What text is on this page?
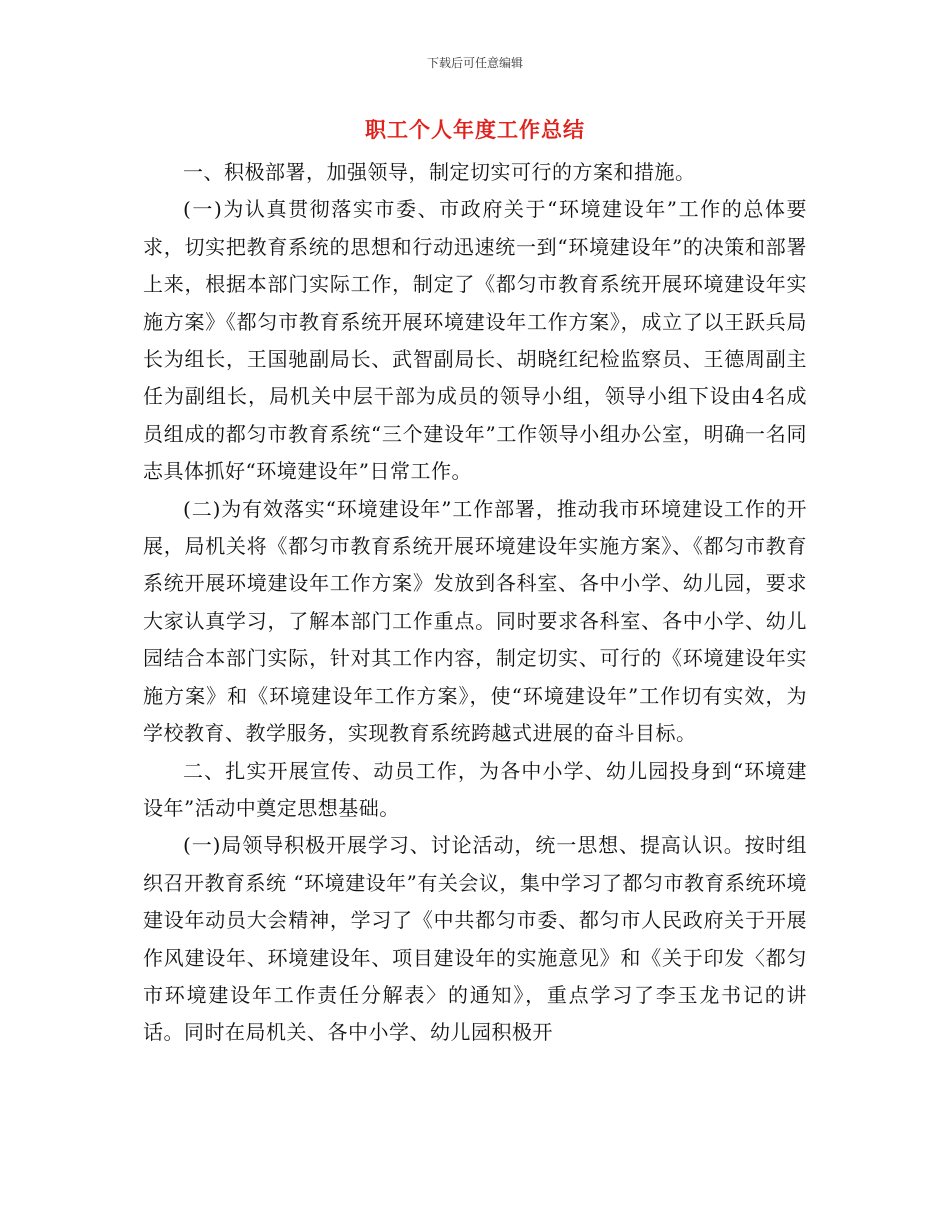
下载后可任意编辑
职工个人年度工作总结

一、积极部署，加强领导，制定切实可行的方案和措施。

(一)为认真贯彻落实市委、市政府关于“环境建设年”工作的总体要求，切实把教育系统的思想和行动迅速统一到“环境建设年”的决策和部署上来，根据本部门实际工作，制定了《都匀市教育系统开展环境建设年实施方案》《都匀市教育系统开展环境建设年工作方案》，成立了以王跃兵局长为组长，王国驰副局长、武智副局长、胡晓红纪检监察员、王德周副主任为副组长，局机关中层干部为成员的领导小组，领导小组下设由4名成员组成的都匀市教育系统“三个建设年”工作领导小组办公室，明确一名同志具体抓好“环境建设年”日常工作。

(二)为有效落实“环境建设年”工作部署，推动我市环境建设工作的开展，局机关将《都匀市教育系统开展环境建设年实施方案》、《都匀市教育系统开展环境建设年工作方案》发放到各科室、各中小学、幼儿园，要求大家认真学习，了解本部门工作重点。同时要求各科室、各中小学、幼儿园结合本部门实际，针对其工作内容，制定切实、可行的《环境建设年实施方案》和《环境建设年工作方案》，使“环境建设年”工作切有实效，为学校教育、教学服务，实现教育系统跨越式进展的奋斗目标。

二、扎实开展宣传、动员工作，为各中小学、幼儿园投身到“环境建设年”活动中奠定思想基础。

(一)局领导积极开展学习、讨论活动，统一思想、提高认识。按时组织召开教育系统 “环境建设年”有关会议，集中学习了都匀市教育系统环境建设年动员大会精神，学习了《中共都匀市委、都匀市人民政府关于开展作风建设年、环境建设年、项目建设年的实施意见》和《关于印发〈都匀市环境建设年工作责任分解表〉的通知》，重点学习了李玉龙书记的讲话。同时在局机关、各中小学、幼儿园积极开
